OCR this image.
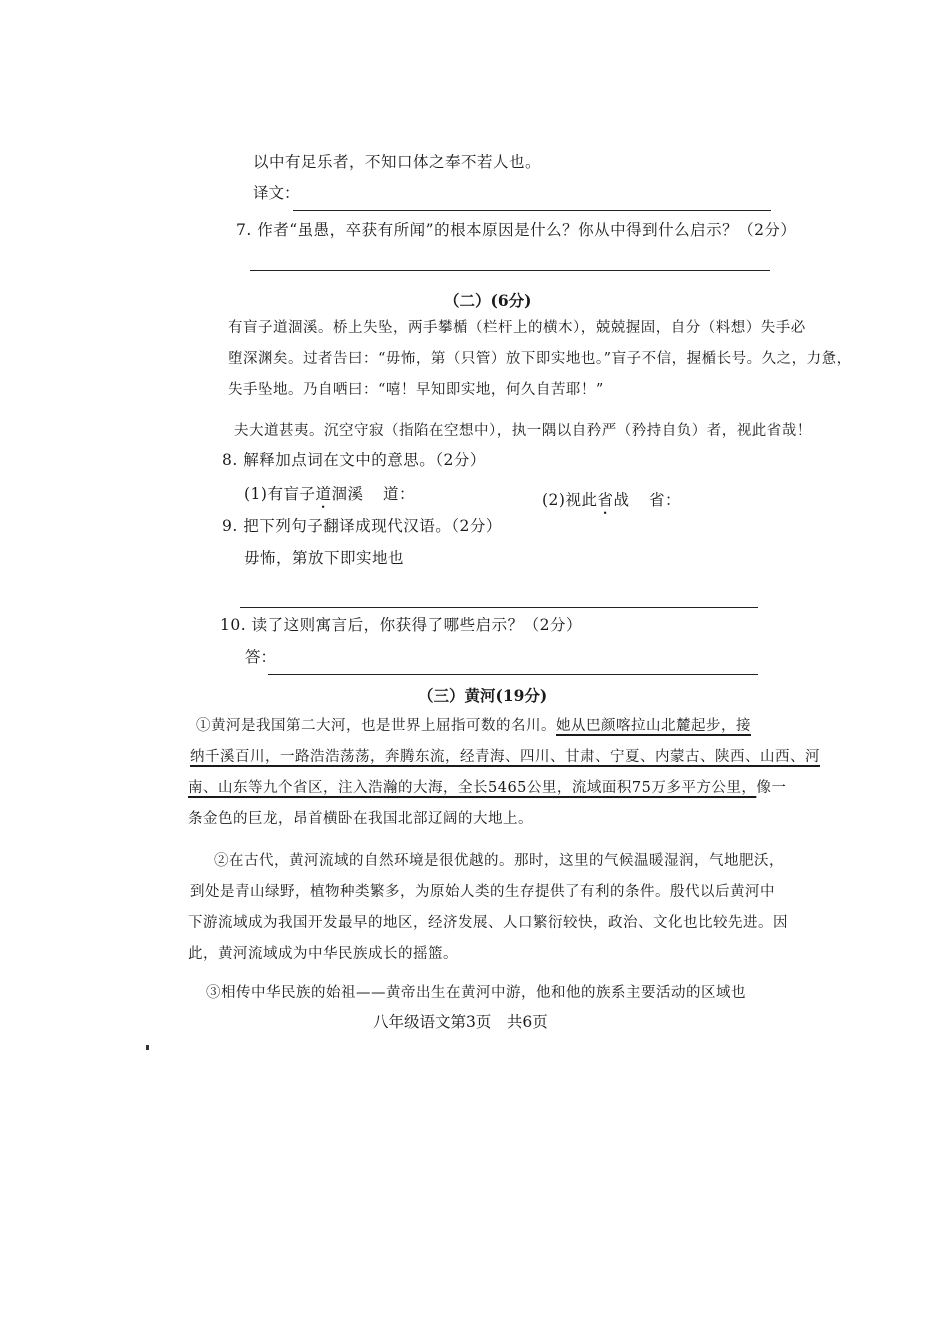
以中有足乐者，不知口体之奉不若人也。
译文：
7. 作者“虽愚，卒获有所闻”的根本原因是什么？你从中得到什么启示？（2分）
（二）(6分)
有盲子道涸溪。桥上失坠，两手攀楯（栏杆上的横木），兢兢握固，自分（料想）失手必
堕深渊矣。过者告曰：“毋怖，第（只管）放下即实地也。”盲子不信，握楯长号。久之，力惫，
失手坠地。乃自哂曰：“嘻！早知即实地，何久自苦耶！”
夫大道甚夷。沉空守寂（指陷在空想中），执一隅以自矜严（矜持自负）者，视此省哉！
8. 解释加点词在文中的意思。（2分）
(1)有盲子道涸溪 道：	(2)视此省战 省：
9. 把下列句子翻译成现代汉语。（2分）
毋怖，第放下即实地也
10. 读了这则寓言后，你获得了哪些启示？（2分）
答：
（三）黄河(19分)
①黄河是我国第二大河，也是世界上屈指可数的名川。她从巴颜喀拉山北麓起步，接
纳千溪百川，一路浩浩荡荡，奔腾东流，经青海、四川、甘肃、宁夏、内蒙古、陕西、山西、河
南、山东等九个省区，注入浩瀚的大海，全长5465公里，流域面积75万多平方公里，像一
条金色的巨龙，昂首横卧在我国北部辽阔的大地上。
②在古代，黄河流域的自然环境是很优越的。那时，这里的气候温暖湿润，气地肥沃，
到处是青山绿野，植物种类繁多，为原始人类的生存提供了有利的条件。殷代以后黄河中
下游流域成为我国开发最早的地区，经济发展、人口繁衍较快，政治、文化也比较先进。因
此，黄河流域成为中华民族成长的摇篮。
③相传中华民族的始祖——黄帝出生在黄河中游，他和他的族系主要活动的区域也
八年级语文第3页　共6页
